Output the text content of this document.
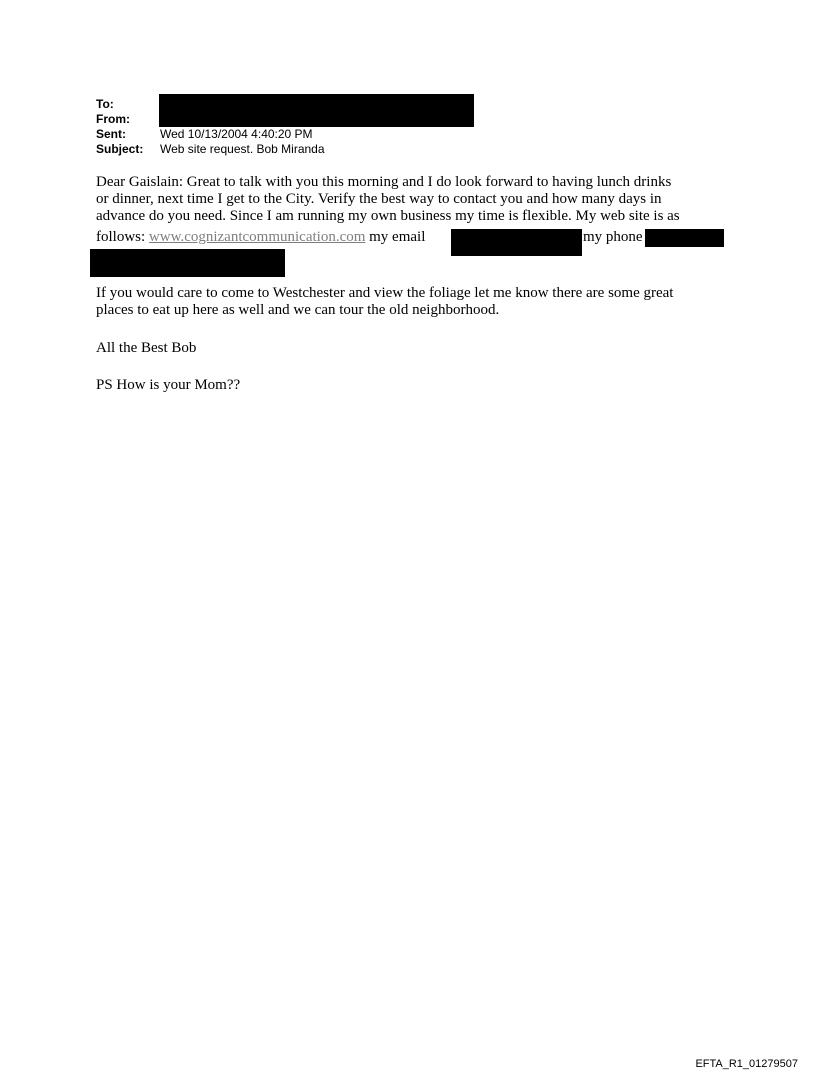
To:
From:
Sent:	Wed 10/13/2004 4:40:20 PM
Subject: Web site request. Bob Miranda
Dear Gaislain: Great to talk with you this morning and I do look forward to having lunch drinks
or dinner, next time I get to the City. Verify the best way to contact you and how many days in
advance do you need. Since I am running my own business my time is flexible. My web site is as
follows: www.cognizantcommunication.com my email	my phone
If you would care to come to Westchester and view the foliage let me know there are some great
places to eat up here as well and we can tour the old neighborhood.
All the Best Bob
PS How is your Mom??
EFTA_R1_01279507
